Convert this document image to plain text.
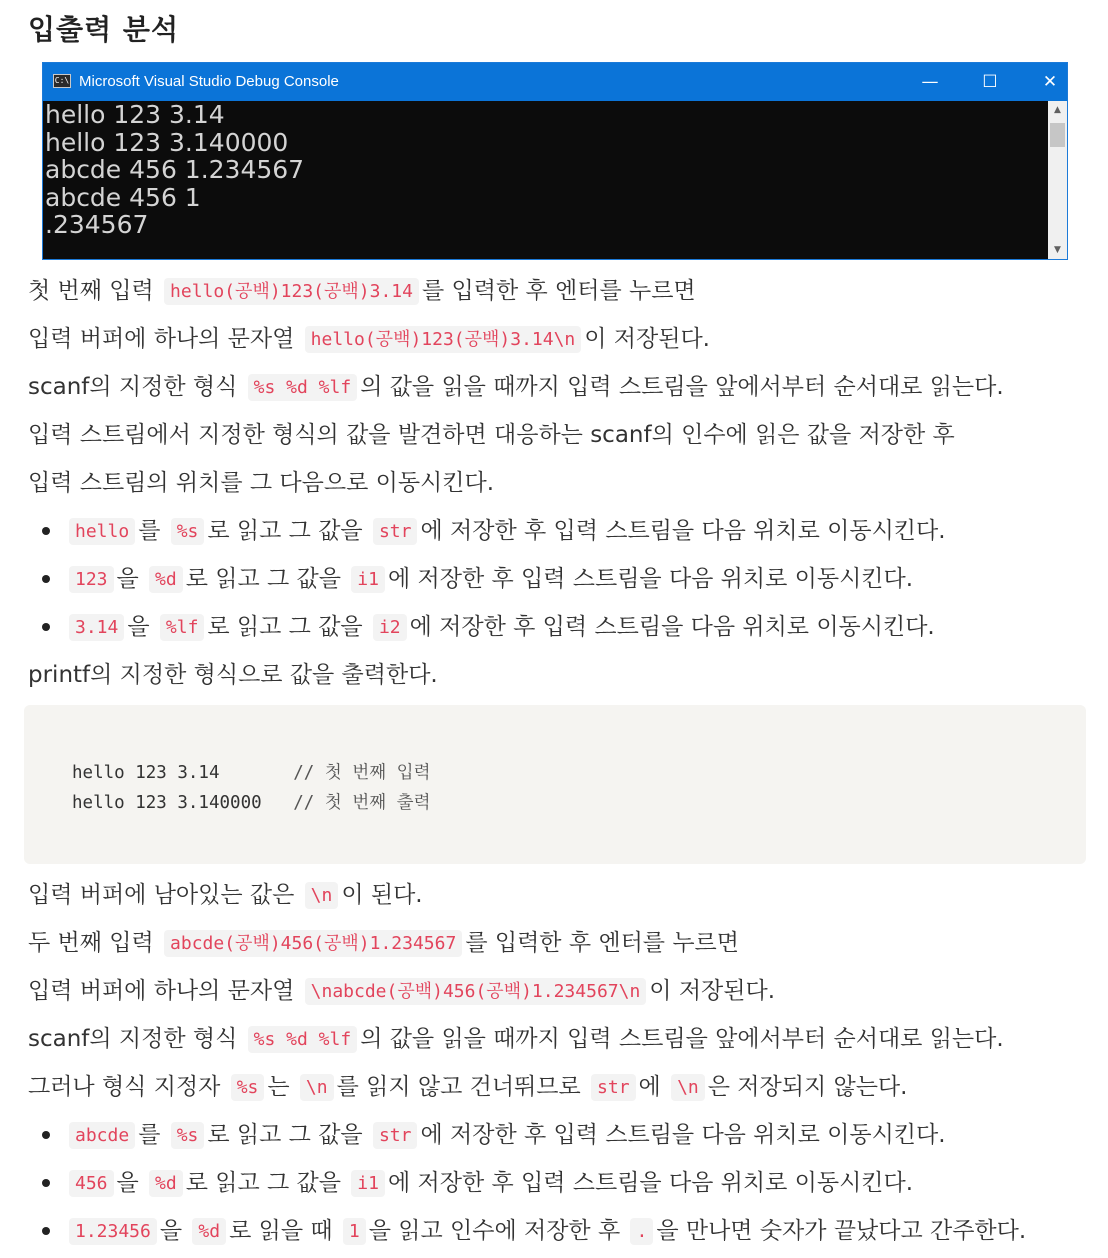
입출력 분석
C:\ Microsoft Visual Studio Debug Console	—	☐	✕
hello 123 3.14
hello 123 3.140000
abcde 456 1.234567
abcde 456 1
.234567
▲
▼
첫 번째 입력 hello(공백)123(공백)3.14 를 입력한 후 엔터를 누르면
입력 버퍼에 하나의 문자열 hello(공백)123(공백)3.14\n 이 저장된다.
scanf의 지정한 형식 %s %d %lf 의 값을 읽을 때까지 입력 스트림을 앞에서부터 순서대로 읽는다.
입력 스트림에서 지정한 형식의 값을 발견하면 대응하는 scanf의 인수에 읽은 값을 저장한 후
입력 스트림의 위치를 그 다음으로 이동시킨다.
hello 를 %s 로 읽고 그 값을 str 에 저장한 후 입력 스트림을 다음 위치로 이동시킨다.
123 을 %d 로 읽고 그 값을 i1 에 저장한 후 입력 스트림을 다음 위치로 이동시킨다.
3.14 을 %lf 로 읽고 그 값을 i2 에 저장한 후 입력 스트림을 다음 위치로 이동시킨다.
printf의 지정한 형식으로 값을 출력한다.
hello 123 3.14       // 첫 번째 입력
hello 123 3.140000   // 첫 번째 출력
입력 버퍼에 남아있는 값은 \n 이 된다.
두 번째 입력 abcde(공백)456(공백)1.234567 를 입력한 후 엔터를 누르면
입력 버퍼에 하나의 문자열 \nabcde(공백)456(공백)1.234567\n 이 저장된다.
scanf의 지정한 형식 %s %d %lf 의 값을 읽을 때까지 입력 스트림을 앞에서부터 순서대로 읽는다.
그러나 형식 지정자 %s 는 \n 를 읽지 않고 건너뛰므로 str 에 \n 은 저장되지 않는다.
abcde 를 %s 로 읽고 그 값을 str 에 저장한 후 입력 스트림을 다음 위치로 이동시킨다.
456 을 %d 로 읽고 그 값을 i1 에 저장한 후 입력 스트림을 다음 위치로 이동시킨다.
1.23456 을 %d 로 읽을 때 1 을 읽고 인수에 저장한 후 . 을 만나면 숫자가 끝났다고 간주한다.
